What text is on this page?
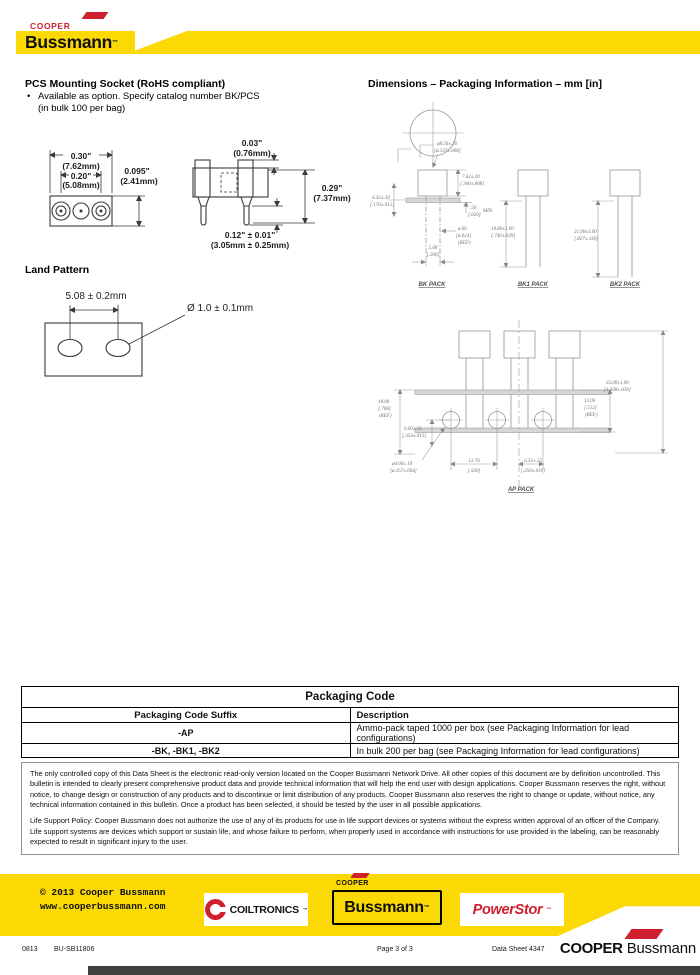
COOPER
Bussmann ™
PCS Mounting Socket (RoHS compliant)
• Available as option. Specify catalog number BK/PCS
(in bulk 100 per bag)
Dimensions – Packaging Information – mm [in]
0.30"
(7.62mm)
0.20"
(5.08mm)
0.095"
(2.41mm)
0.03"
(0.76mm)
0.29"
(7.37mm)
0.12" ± 0.01"
(3.05mm ± 0.25mm)
Land Pattern
5.08 ± 0.2mm
Ø 1.0 ± 0.1mm
ø8.56±.20
[ø.337±.008]
7.62±.20
[.300±.008]
.50
[.020]
MIN.
4.32±.30
[.170±.012]
ø.60
[ø.024]
(REF)
5.08
[.200]
BK PACK
18.80±1.00
[.740±.039]
BK1 PACK
21.00±3.00
[.827±.118]
BK2 PACK
18.00
[.708]
(REF)
9.00±.35
[.354±.015]
ø4.00±.10
[ø.157±.004]
12.70
[.500]
6.35±.25
[.250±.010]
35.00±1.00
[1.378±.039]
13.00
[.512]
(REF)
AP PACK
Packaging Code	
Packaging Code Suffix	Description
-AP	Ammo-pack taped 1000 per box (see Packaging Information for lead configurations)
-BK, -BK1, -BK2	In bulk 200 per bag (see Packaging Information for lead configurations)

The only controlled copy of this Data Sheet is the electronic read-only version located on the Cooper Bussmann Network Drive. All other copies of this document are by definition uncontrolled. This bulletin is intended to clearly present comprehensive product data and provide technical information that will help the end user with design applications. Cooper Bussmann reserves the right, without notice, to change design or construction of any products and to discontinue or limit distribution of any products. Cooper Bussmann also reserves the right to change or update, without notice, any technical information contained in this bulletin. Once a product has been selected, it should be tested by the user in all possible applications.

Life Support Policy: Cooper Bussmann does not authorize the use of any of its products for use in life support devices or systems without the express written approval of an officer of the Company. Life support systems are devices which support or sustain life, and whose failure to perform, when properly used in accordance with instructions for use provided in the labeling, can be reasonably expected to result in significant injury to the user.

© 2013 Cooper Bussmann
www.cooperbussmann.com	COILTRONICS ™
COOPER
Bussmann ™	PowerStor ™
0813 BU-SB11806	Page 3 of 3	Data Sheet 4347	COOPER Bussmann
